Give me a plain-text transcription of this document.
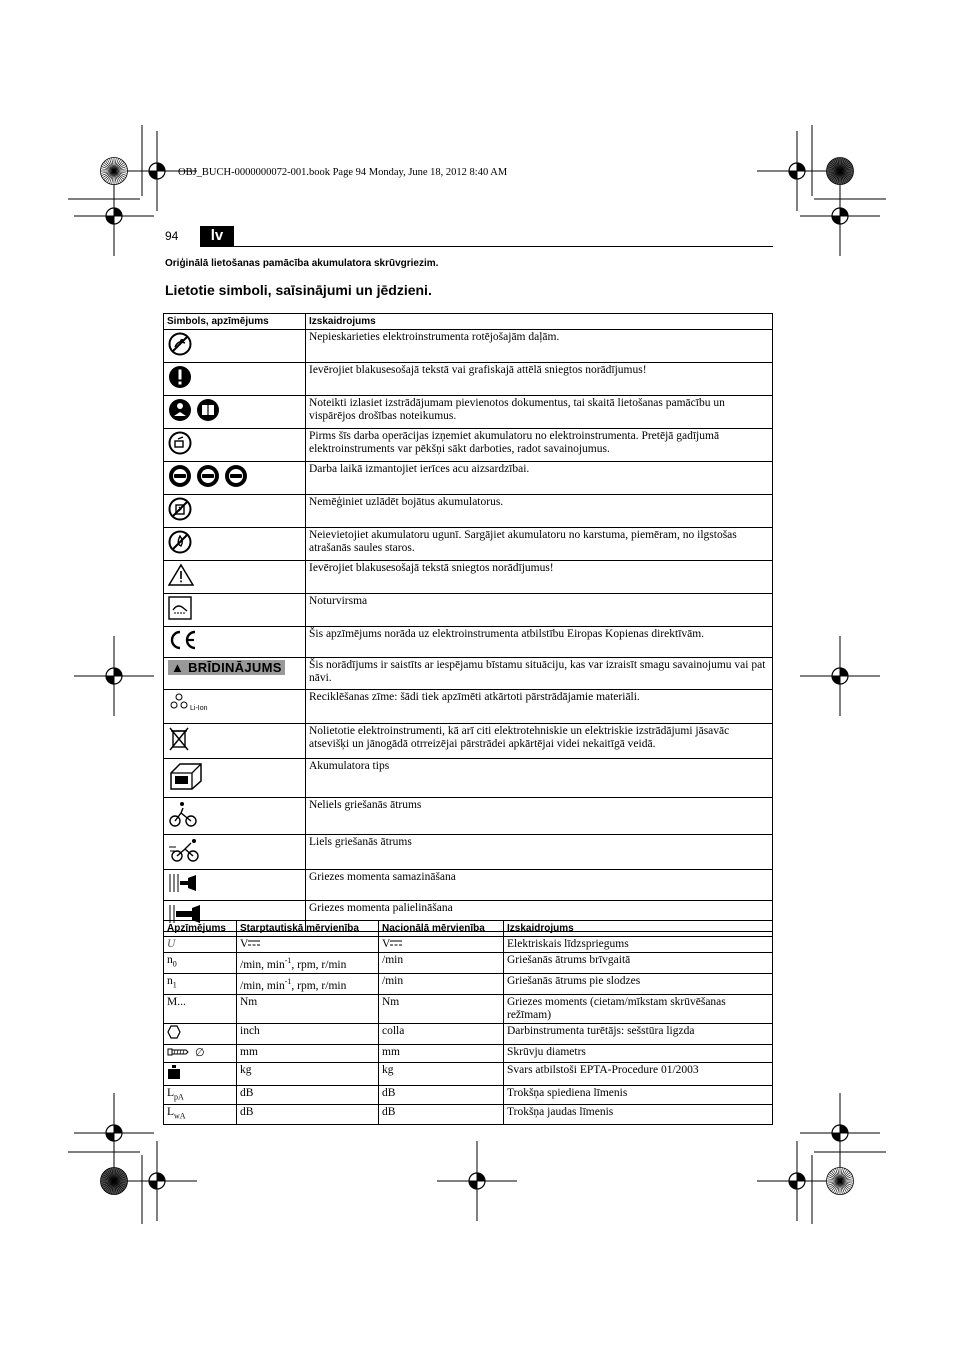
OBJ_BUCH-0000000072-001.book Page 94 Monday, June 18, 2012 8:40 AM
94	lv
Oriģinālā lietošanas pamācība akumulatora skrūvgriezim.
Lietotie simboli, saīsinājumi un jēdzieni.
Simbols, apzīmējums	Izskaidrojums
	Nepieskarieties elektroinstrumenta rotējošajām daļām.
	Ievērojiet blakusesošajā tekstā vai grafiskajā attēlā sniegtos norādījumus!

	Noteikti izlasiet izstrādājumam pievienotos dokumentus, tai skaitā lietošanas pamācību un vispārējos drošības noteikumus.
	Pirms šīs darba operācijas izņemiet akumulatoru no elektroinstrumenta. Pretējā gadījumā elektroinstruments var pēkšņi sākt darboties, radot savainojumus.

	Darba laikā izmantojiet ierīces acu aizsardzībai.
	Nemēģiniet uzlādēt bojātus akumulatorus.
	Neievietojiet akumulatoru ugunī. Sargājiet akumulatoru no karstuma, piemēram, no ilgstošas atrašanās saules staros.
	Ievērojiet blakusesošajā tekstā sniegtos norādījumus!
	Noturvirsma
	Šis apzīmējums norāda uz elektroinstrumenta atbilstību Eiropas Kopienas direktīvām.
▲ BRĪDINĀJUMS	Šis norādījums ir saistīts ar iespējamu bīstamu situāciju, kas var izraisīt smagu savainojumu vai pat nāvi.
Li-Ion	Reciklēšanas zīme: šādi tiek apzīmēti atkārtoti pārstrādājamie materiāli.
	Nolietotie elektroinstrumenti, kā arī citi elektrotehniskie un elektriskie izstrādājumi jāsavāc atsevišķi un jānogādā otrreizējai pārstrādei apkārtējai videi nekaitīgā veidā.
	Akumulatora tips
	Neliels griešanās ātrums
	Liels griešanās ātrums
	Griezes momenta samazināšana
	Griezes momenta palielināšana
Apzīmējums	Starptautiskā mērvienība	Nacionālā mērvienība	Izskaidrojums
U	V	V	Elektriskais līdzspriegums
$n_0$	/min, $\min^{-1}$, rpm, r/min	/min	Griešanās ātrums brīvgaitā
$n_1$	/min, $\min^{-1}$, rpm, r/min	/min	Griešanās ātrums pie slodzes
M...	Nm	Nm	Griezes moments (cietam/mīkstam skrūvēšanas režīmam)
	inch	colla	Darbinstrumenta turētājs: sešstūra ligzda

∅	mm	mm	Skrūvju diametrs
	kg	kg	Svars atbilstoši EPTA-Procedure 01/2003
$L_{pA}$	dB	dB	Trokšņa spiediena līmenis
$L_{wA}$	dB	dB	Trokšņa jaudas līmenis
